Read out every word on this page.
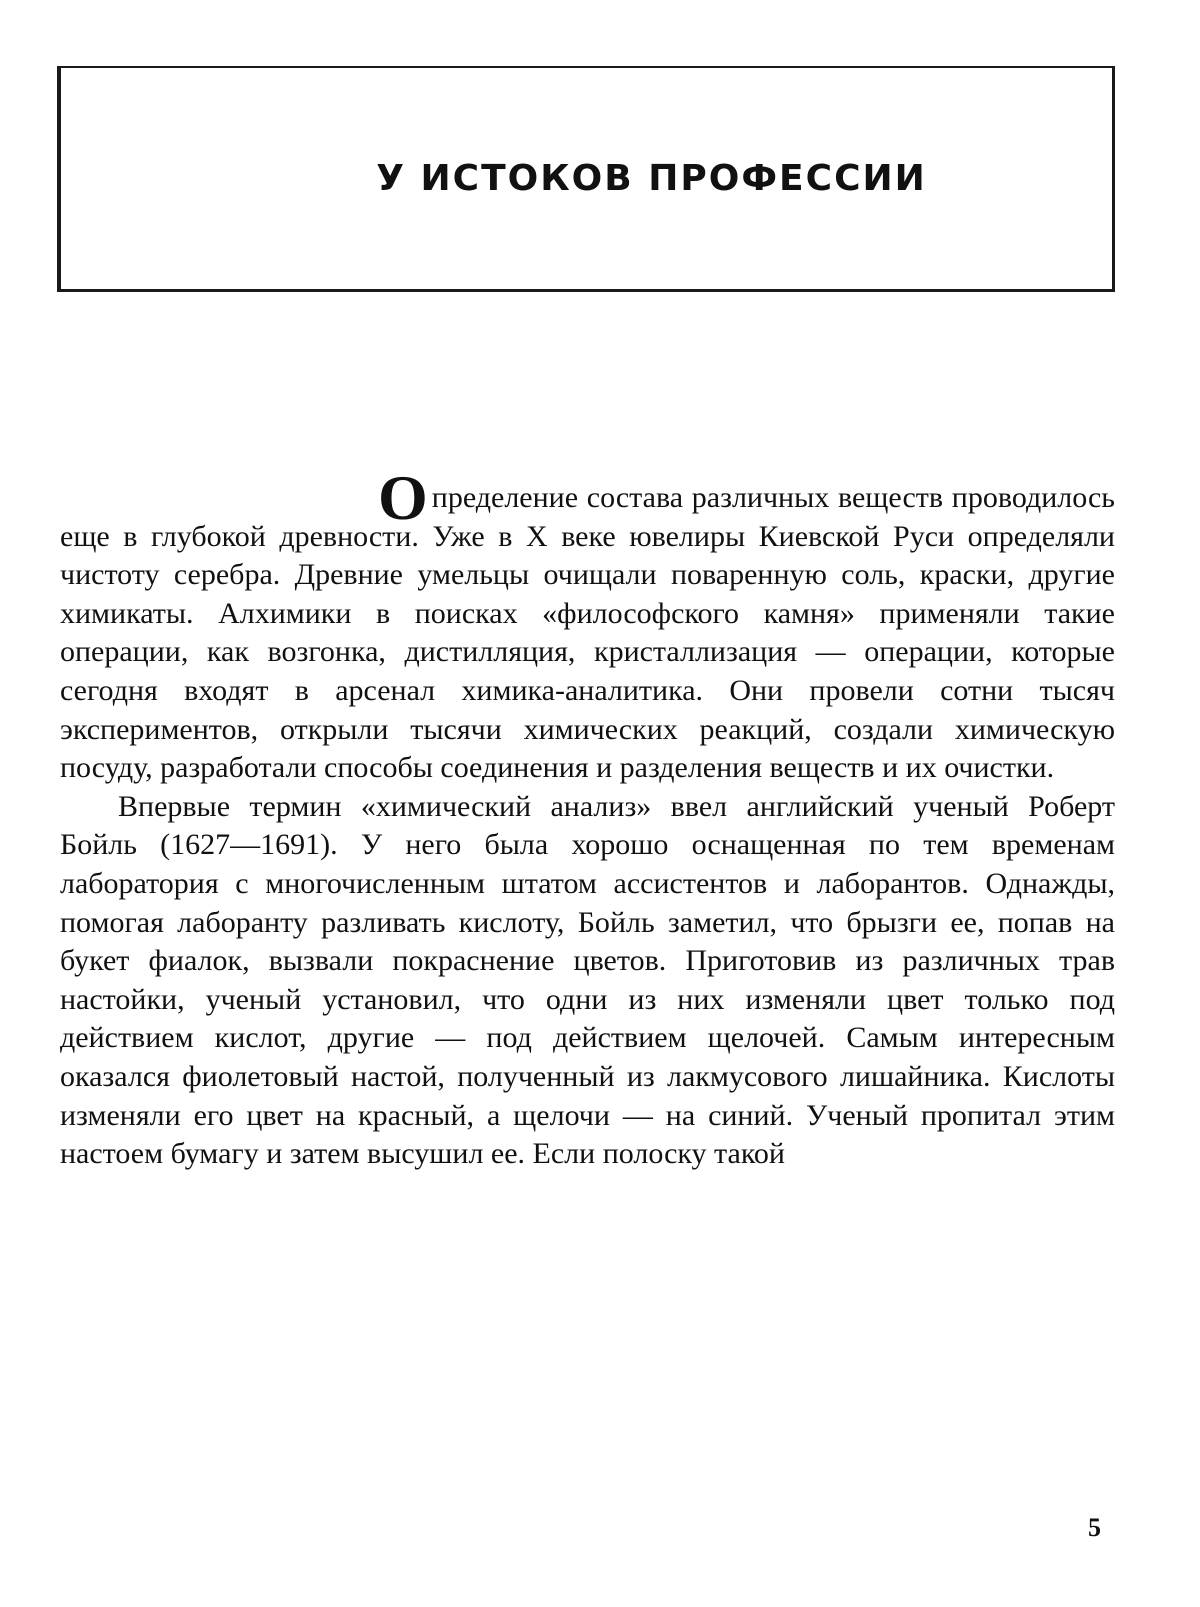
У ИСТОКОВ ПРОФЕССИИ

Определение состава различных веществ проводилось еще в глубокой древности. Уже в X веке ювелиры Киевской Руси определяли чистоту серебра. Древние умельцы очищали поваренную соль, краски, другие химикаты. Алхимики в поисках «философского камня» применяли такие операции, как возгонка, дистилляция, кристаллизация — операции, которые сегодня входят в арсенал химика-аналитика. Они провели сотни тысяч экспериментов, открыли тысячи химических реакций, создали химическую посуду, разработали способы соединения и разделения веществ и их очистки.

Впервые термин «химический анализ» ввел английский ученый Роберт Бойль (1627—1691). У него была хорошо оснащенная по тем временам лаборатория с многочисленным штатом ассистентов и лаборантов. Однажды, помогая лаборанту разливать кислоту, Бойль заметил, что брызги ее, попав на букет фиалок, вызвали покраснение цветов. Приготовив из различных трав настойки, ученый установил, что одни из них изменяли цвет только под действием кислот, другие — под действием щелочей. Самым интересным оказался фиолетовый настой, полученный из лакмусового лишайника. Кислоты изменяли его цвет на красный, а щелочи — на синий. Ученый пропитал этим настоем бумагу и затем высушил ее. Если полоску такой

5
